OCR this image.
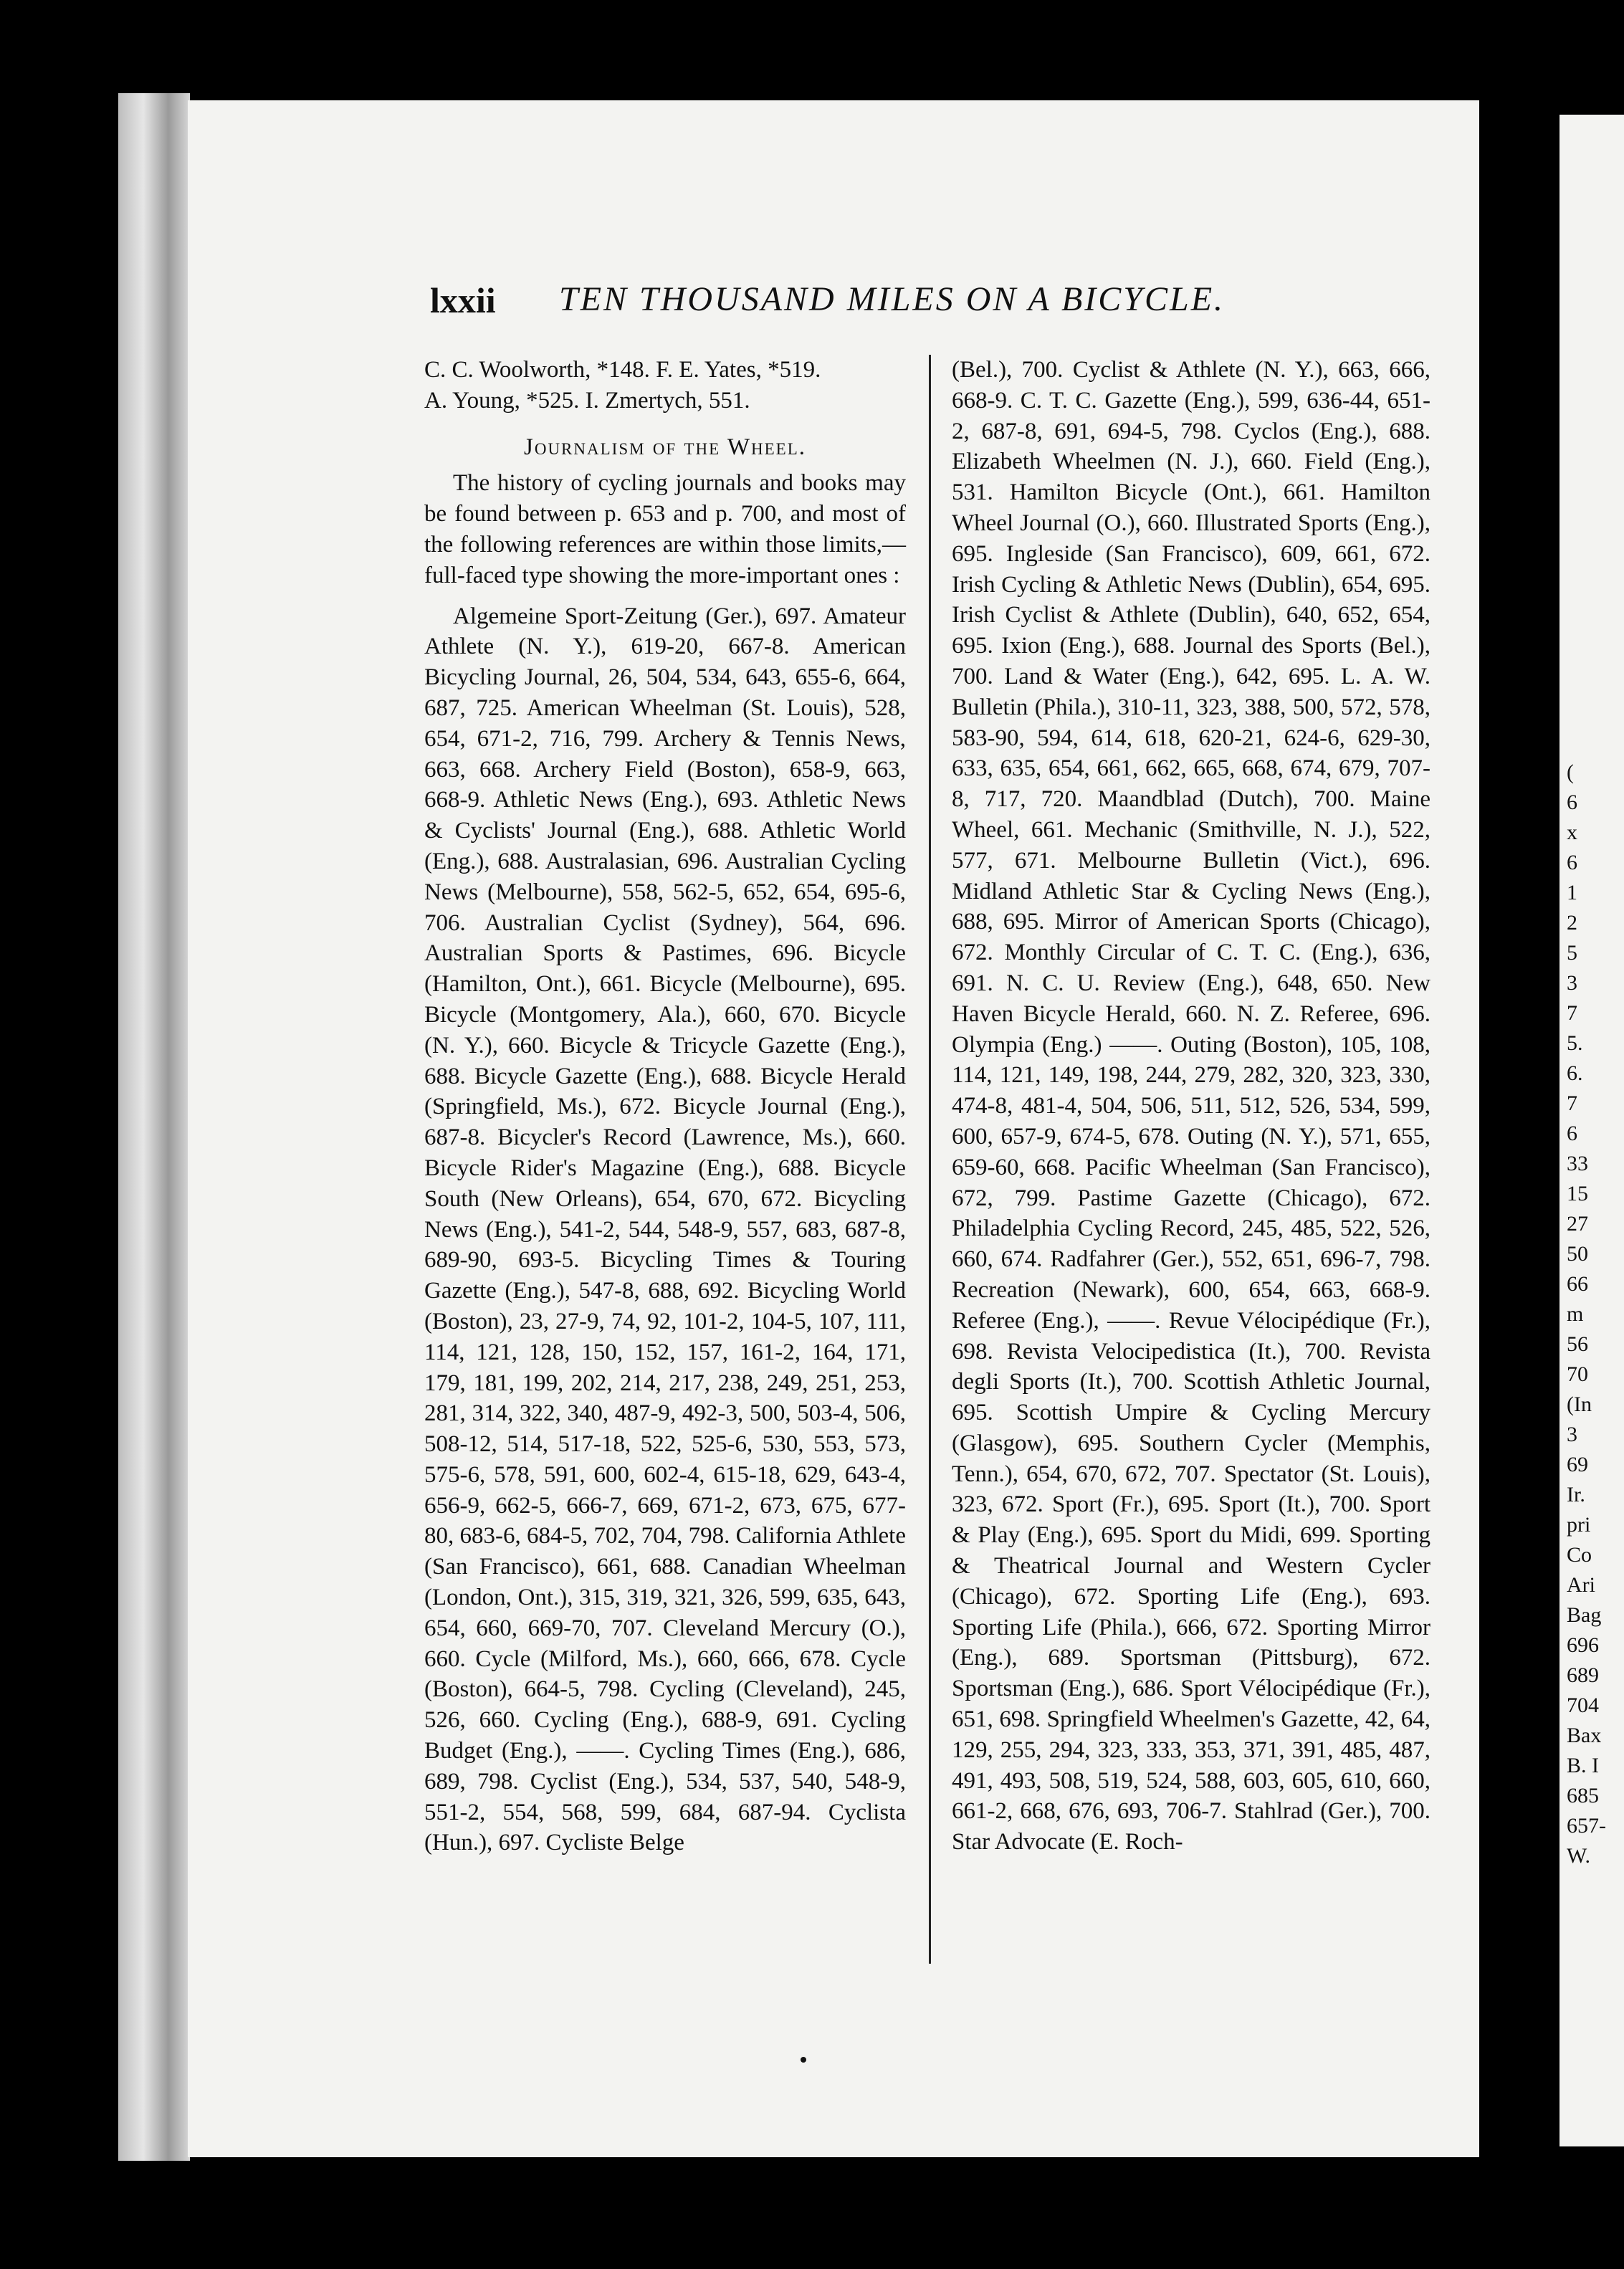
(
6
x
6
1
2
5
3
7
5.
6.
7
6
33
15
27
50
66
m
56
70
(In
3
69
Ir.
pri
Co
Ari
Bag
696
689
704
Bax
B. I
685
657-
W.
lxxii TEN THOUSAND MILES ON A BICYCLE.

C. C. Woolworth, *148. F. E. Yates, *519.

A. Young, *525. I. Zmertych, 551.

Journalism of the Wheel.

The history of cycling journals and books may be found between p. 653 and p. 700, and most of the following references are within those limits,—full-faced type showing the more-important ones :

Algemeine Sport-Zeitung (Ger.), 697. Amateur Athlete (N. Y.), 619-20, 667-8. American Bicycling Journal, 26, 504, 534, 643, 655-6, 664, 687, 725. American Wheelman (St. Louis), 528, 654, 671-2, 716, 799. Archery & Tennis News, 663, 668. Archery Field (Boston), 658-9, 663, 668-9. Athletic News (Eng.), 693. Athletic News & Cyclists' Journal (Eng.), 688. Athletic World (Eng.), 688. Australasian, 696. Australian Cycling News (Melbourne), 558, 562-5, 652, 654, 695-6, 706. Australian Cyclist (Sydney), 564, 696. Australian Sports & Pastimes, 696. Bicycle (Hamilton, Ont.), 661. Bicycle (Melbourne), 695. Bicycle (Montgomery, Ala.), 660, 670. Bicycle (N. Y.), 660. Bicycle & Tricycle Gazette (Eng.), 688. Bicycle Gazette (Eng.), 688. Bicycle Herald (Springfield, Ms.), 672. Bicycle Journal (Eng.), 687-8. Bicycler's Record (Lawrence, Ms.), 660. Bicycle Rider's Magazine (Eng.), 688. Bicycle South (New Orleans), 654, 670, 672. Bicycling News (Eng.), 541-2, 544, 548-9, 557, 683, 687-8, 689-90, 693-5. Bicycling Times & Touring Gazette (Eng.), 547-8, 688, 692. Bicycling World (Boston), 23, 27-9, 74, 92, 101-2, 104-5, 107, 111, 114, 121, 128, 150, 152, 157, 161-2, 164, 171, 179, 181, 199, 202, 214, 217, 238, 249, 251, 253, 281, 314, 322, 340, 487-9, 492-3, 500, 503-4, 506, 508-12, 514, 517-18, 522, 525-6, 530, 553, 573, 575-6, 578, 591, 600, 602-4, 615-18, 629, 643-4, 656-9, 662-5, 666-7, 669, 671-2, 673, 675, 677-80, 683-6, 684-5, 702, 704, 798. California Athlete (San Francisco), 661, 688. Canadian Wheelman (London, Ont.), 315, 319, 321, 326, 599, 635, 643, 654, 660, 669-70, 707. Cleveland Mercury (O.), 660. Cycle (Milford, Ms.), 660, 666, 678. Cycle (Boston), 664-5, 798. Cycling (Cleveland), 245, 526, 660. Cycling (Eng.), 688-9, 691. Cycling Budget (Eng.), ——. Cycling Times (Eng.), 686, 689, 798. Cyclist (Eng.), 534, 537, 540, 548-9, 551-2, 554, 568, 599, 684, 687-94. Cyclista (Hun.), 697. Cycliste Belge

(Bel.), 700. Cyclist & Athlete (N. Y.), 663, 666, 668-9. C. T. C. Gazette (Eng.), 599, 636-44, 651-2, 687-8, 691, 694-5, 798. Cyclos (Eng.), 688. Elizabeth Wheelmen (N. J.), 660. Field (Eng.), 531. Hamilton Bicycle (Ont.), 661. Hamilton Wheel Journal (O.), 660. Illustrated Sports (Eng.), 695. Ingleside (San Francisco), 609, 661, 672. Irish Cycling & Athletic News (Dublin), 654, 695. Irish Cyclist & Athlete (Dublin), 640, 652, 654, 695. Ixion (Eng.), 688. Journal des Sports (Bel.), 700. Land & Water (Eng.), 642, 695. L. A. W. Bulletin (Phila.), 310-11, 323, 388, 500, 572, 578, 583-90, 594, 614, 618, 620-21, 624-6, 629-30, 633, 635, 654, 661, 662, 665, 668, 674, 679, 707-8, 717, 720. Maandblad (Dutch), 700. Maine Wheel, 661. Mechanic (Smithville, N. J.), 522, 577, 671. Melbourne Bulletin (Vict.), 696. Midland Athletic Star & Cycling News (Eng.), 688, 695. Mirror of American Sports (Chicago), 672. Monthly Circular of C. T. C. (Eng.), 636, 691. N. C. U. Review (Eng.), 648, 650. New Haven Bicycle Herald, 660. N. Z. Referee, 696. Olympia (Eng.) ——. Outing (Boston), 105, 108, 114, 121, 149, 198, 244, 279, 282, 320, 323, 330, 474-8, 481-4, 504, 506, 511, 512, 526, 534, 599, 600, 657-9, 674-5, 678. Outing (N. Y.), 571, 655, 659-60, 668. Pacific Wheelman (San Francisco), 672, 799. Pastime Gazette (Chicago), 672. Philadelphia Cycling Record, 245, 485, 522, 526, 660, 674. Radfahrer (Ger.), 552, 651, 696-7, 798. Recreation (Newark), 600, 654, 663, 668-9. Referee (Eng.), ——. Revue Vélocipédique (Fr.), 698. Revista Velocipedistica (It.), 700. Revista degli Sports (It.), 700. Scottish Athletic Journal, 695. Scottish Umpire & Cycling Mercury (Glasgow), 695. Southern Cycler (Memphis, Tenn.), 654, 670, 672, 707. Spectator (St. Louis), 323, 672. Sport (Fr.), 695. Sport (It.), 700. Sport & Play (Eng.), 695. Sport du Midi, 699. Sporting & Theatrical Journal and Western Cycler (Chicago), 672. Sporting Life (Eng.), 693. Sporting Life (Phila.), 666, 672. Sporting Mirror (Eng.), 689. Sportsman (Pittsburg), 672. Sportsman (Eng.), 686. Sport Vélocipédique (Fr.), 651, 698. Springfield Wheelmen's Gazette, 42, 64, 129, 255, 294, 323, 333, 353, 371, 391, 485, 487, 491, 493, 508, 519, 524, 588, 603, 605, 610, 660, 661-2, 668, 676, 693, 706-7. Stahlrad (Ger.), 700. Star Advocate (E. Roch-
